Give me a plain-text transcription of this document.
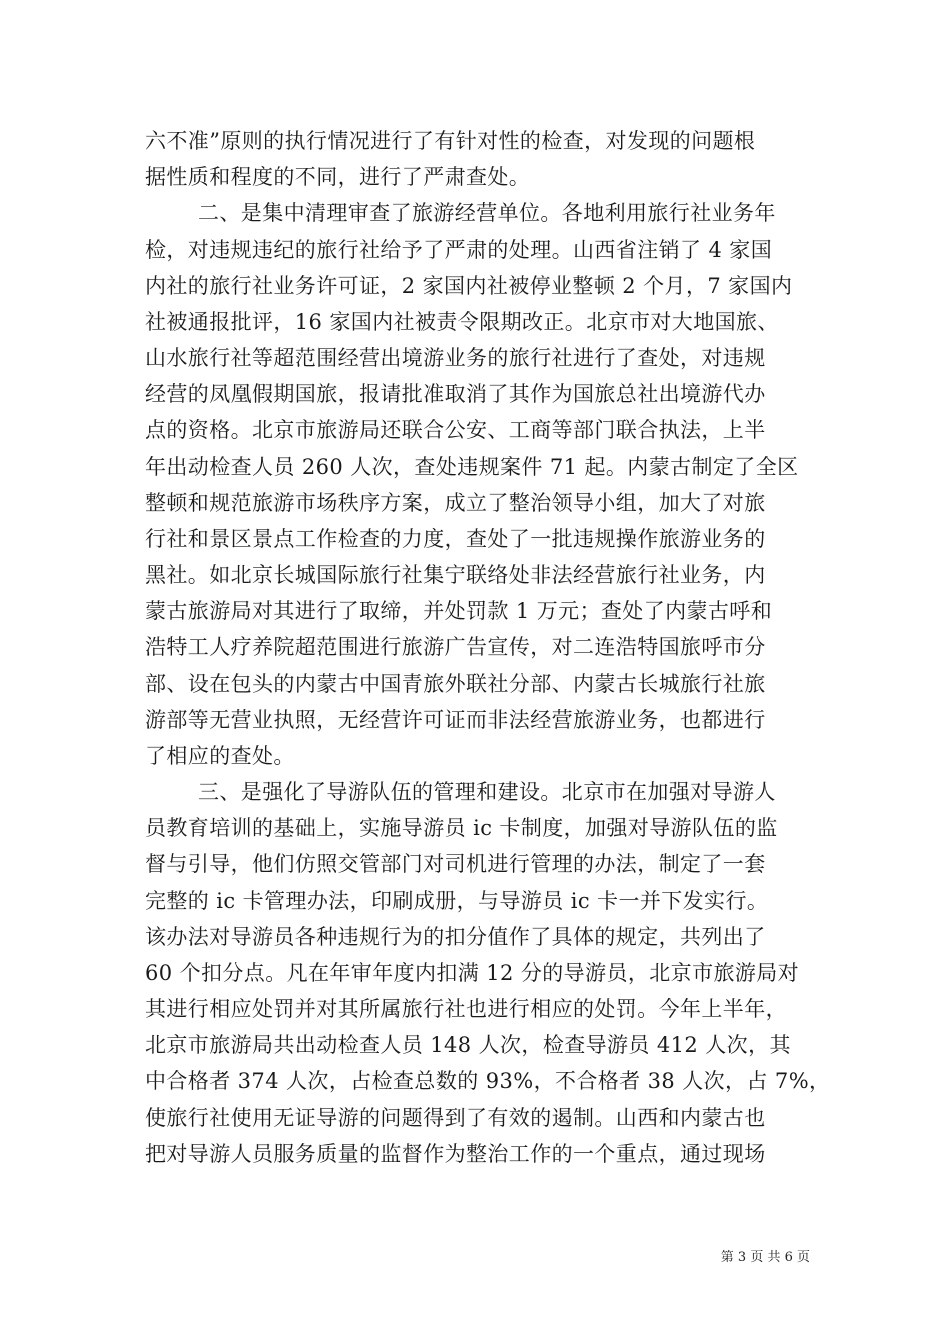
六不准”原则的执行情况进行了有针对性的检查，对发现的问题根
据性质和程度的不同，进行了严肃查处。
二、是集中清理审查了旅游经营单位。各地利用旅行社业务年
检，对违规违纪的旅行社给予了严肃的处理。山西省注销了 4 家国
内社的旅行社业务许可证，2 家国内社被停业整顿 2 个月，7 家国内
社被通报批评，16 家国内社被责令限期改正。北京市对大地国旅、
山水旅行社等超范围经营出境游业务的旅行社进行了查处，对违规
经营的凤凰假期国旅，报请批准取消了其作为国旅总社出境游代办
点的资格。北京市旅游局还联合公安、工商等部门联合执法，上半
年出动检查人员 260 人次，查处违规案件 71 起。内蒙古制定了全区
整顿和规范旅游市场秩序方案，成立了整治领导小组，加大了对旅
行社和景区景点工作检查的力度，查处了一批违规操作旅游业务的
黑社。如北京长城国际旅行社集宁联络处非法经营旅行社业务，内
蒙古旅游局对其进行了取缔，并处罚款 1 万元；查处了内蒙古呼和
浩特工人疗养院超范围进行旅游广告宣传，对二连浩特国旅呼市分
部、设在包头的内蒙古中国青旅外联社分部、内蒙古长城旅行社旅
游部等无营业执照，无经营许可证而非法经营旅游业务，也都进行
了相应的查处。
三、是强化了导游队伍的管理和建设。北京市在加强对导游人
员教育培训的基础上，实施导游员 ic 卡制度，加强对导游队伍的监
督与引导，他们仿照交管部门对司机进行管理的办法，制定了一套
完整的 ic 卡管理办法，印刷成册，与导游员 ic 卡一并下发实行。
该办法对导游员各种违规行为的扣分值作了具体的规定，共列出了
60 个扣分点。凡在年审年度内扣满 12 分的导游员，北京市旅游局对
其进行相应处罚并对其所属旅行社也进行相应的处罚。今年上半年，
北京市旅游局共出动检查人员 148 人次，检查导游员 412 人次，其
中合格者 374 人次，占检查总数的 93%，不合格者 38 人次，占 7%，
使旅行社使用无证导游的问题得到了有效的遏制。山西和内蒙古也
把对导游人员服务质量的监督作为整治工作的一个重点，通过现场
第 3 页 共 6 页
